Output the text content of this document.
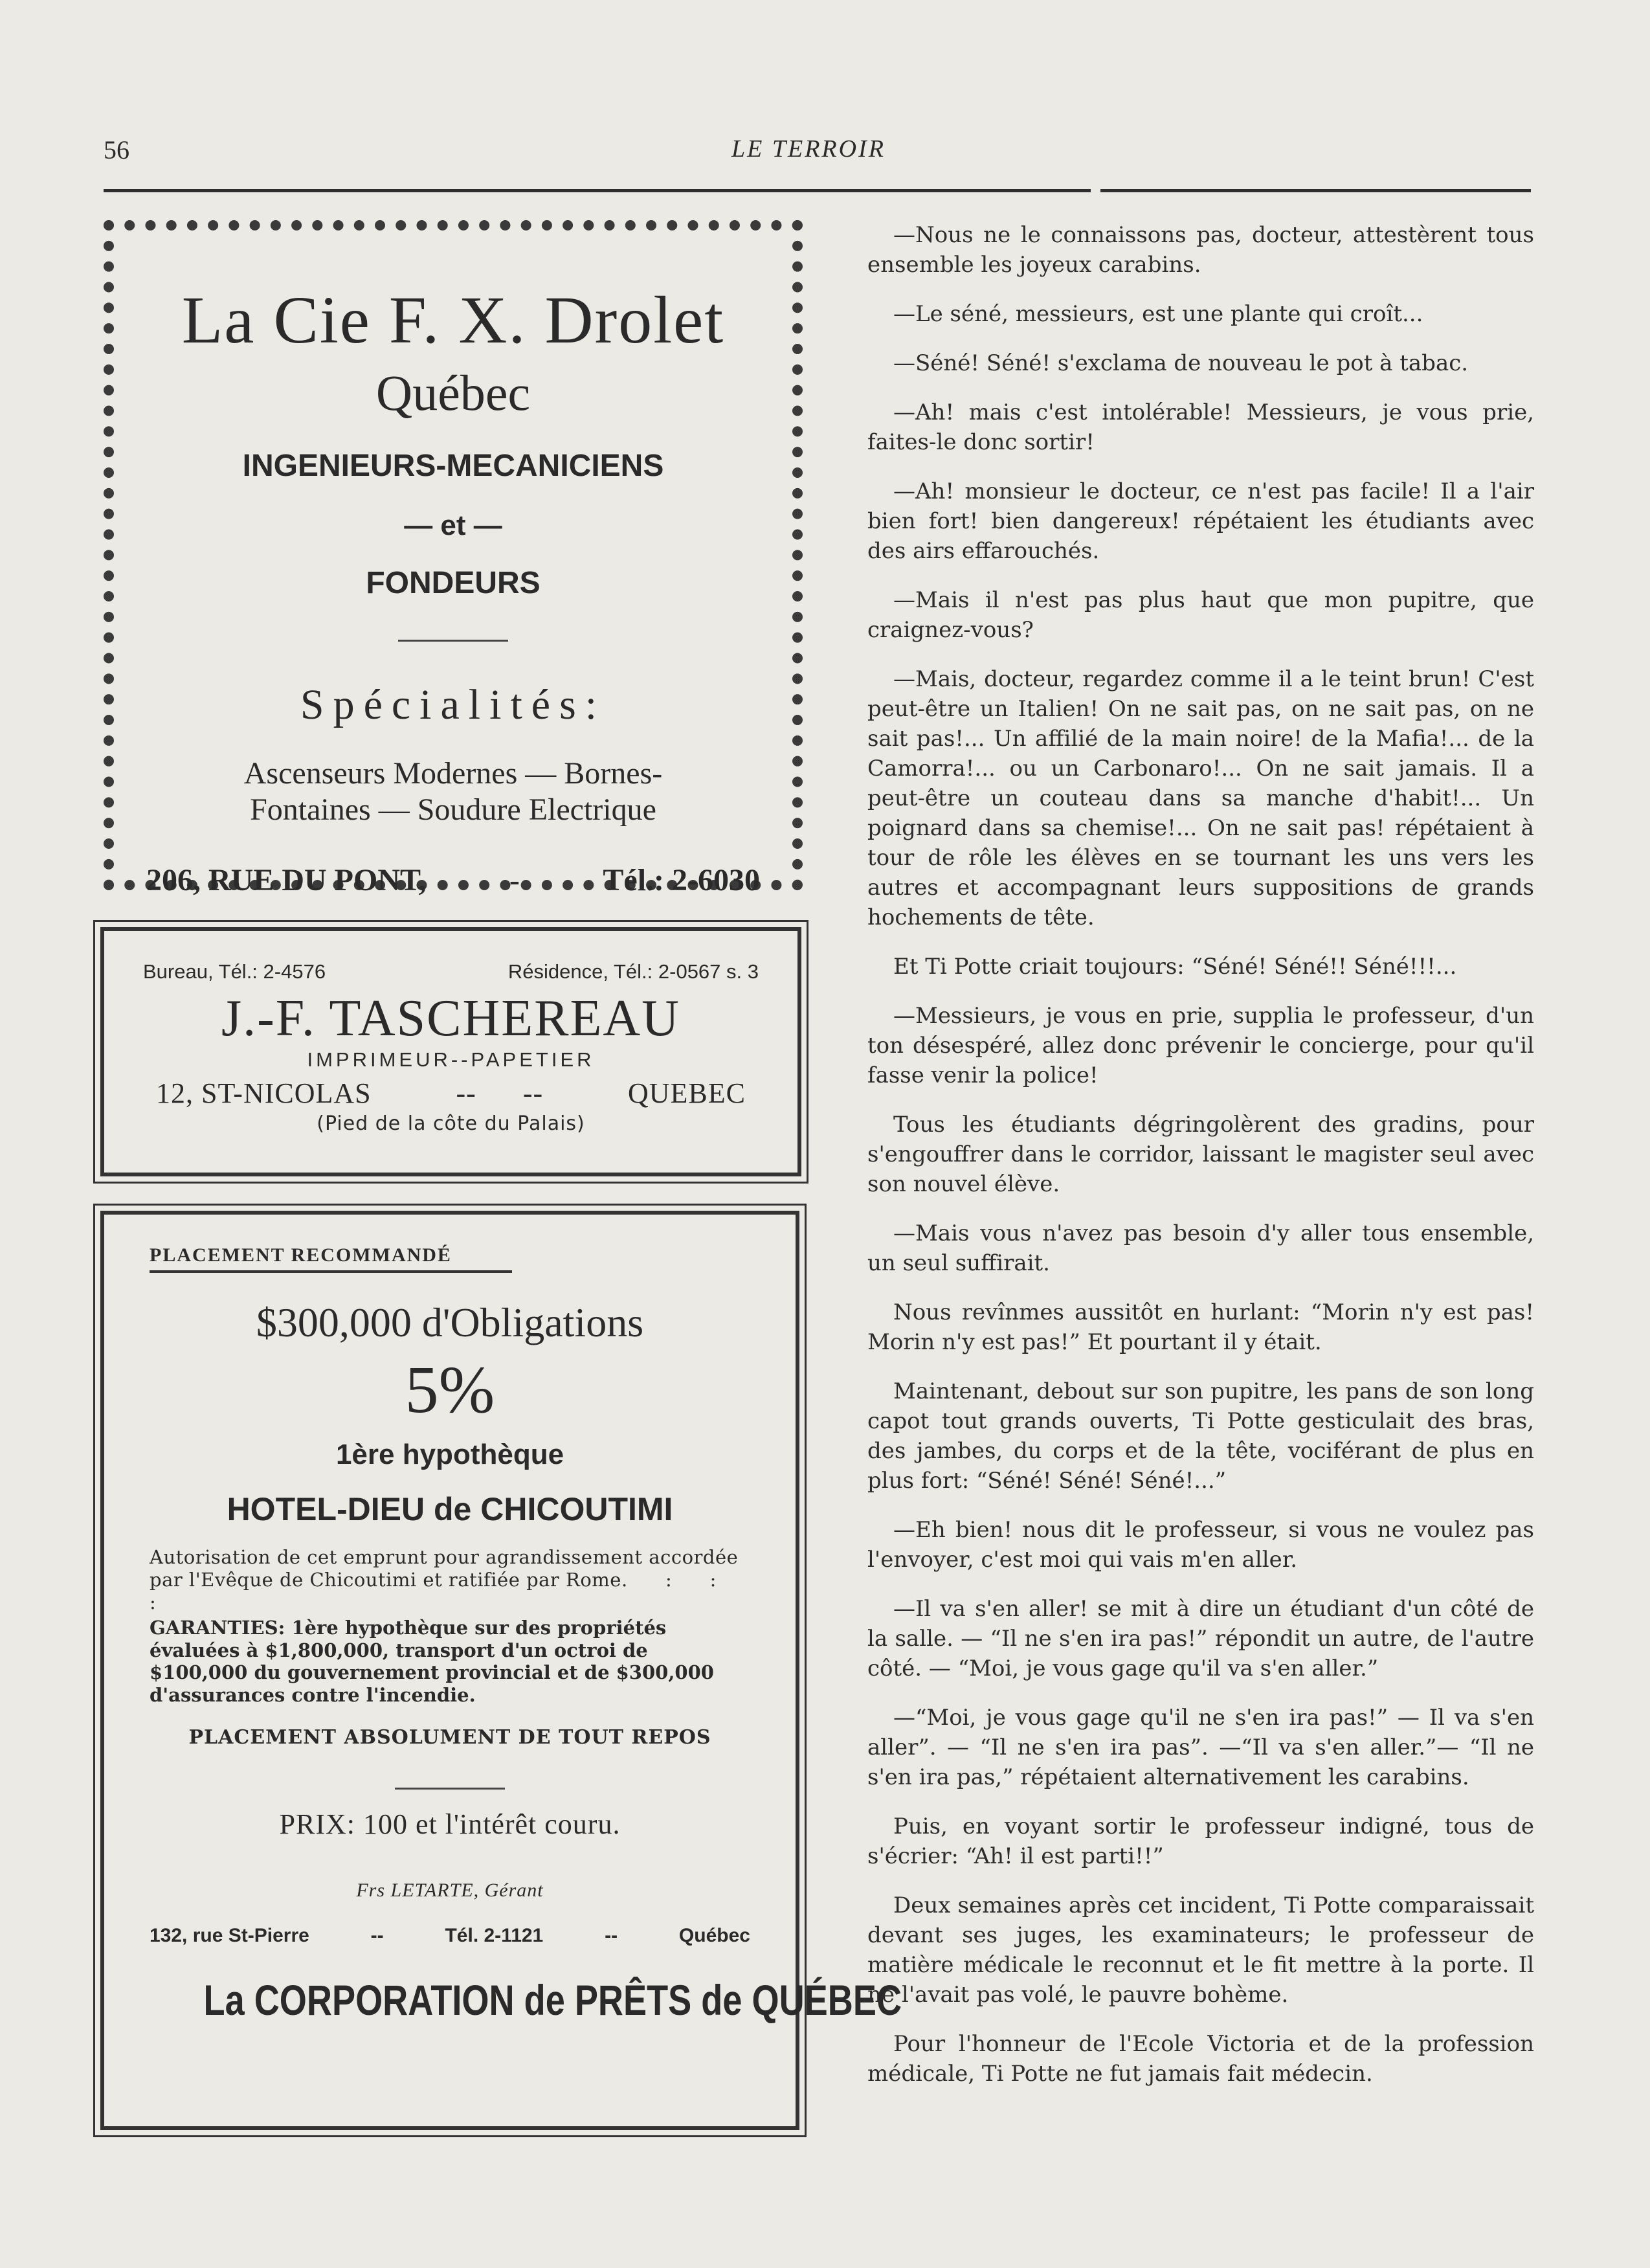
56	LE TERROIR
La Cie F. X. Drolet
Québec
INGENIEURS-MECANICIENS
— et —
FONDEURS
Spécialités:
Ascenseurs Modernes — Bornes-
Fontaines — Soudure Electrique
206, RUE DU PONT,	-	Tél.: 2-6030
Bureau, Tél.: 2-4576	Résidence, Tél.: 2-0567 s. 3
J.-F. TASCHEREAU
IMPRIMEUR--PAPETIER
12, ST-NICOLAS	--      --	QUEBEC
(Pied de la côte du Palais)
PLACEMENT RECOMMANDÉ
$300,000 d'Obligations
5%
1ère hypothèque
HOTEL-DIEU de CHICOUTIMI
Autorisation de cet emprunt pour agrandissement accordée par l'Evêque de Chicoutimi et ratifiée par Rome.      :      :      :
GARANTIES: 1ère hypothèque sur des propriétés évaluées à $1,800,000, transport d'un octroi de $100,000 du gouvernement provincial et de $300,000 d'assurances contre l'incendie.
PLACEMENT ABSOLUMENT DE TOUT REPOS
PRIX: 100 et l'intérêt couru.
Frs LETARTE, Gérant
132, rue St-Pierre	--	Tél. 2-1121	--	Québec
La CORPORATION de PRÊTS de QUÉBEC

—Nous ne le connaissons pas, docteur, attestèrent tous ensemble les joyeux carabins.

—Le séné, messieurs, est une plante qui croît...

—Séné! Séné! s'exclama de nouveau le pot à tabac.

—Ah! mais c'est intolérable! Messieurs, je vous prie, faites-le donc sortir!

—Ah! monsieur le docteur, ce n'est pas facile! Il a l'air bien fort! bien dangereux! répétaient les étudiants avec des airs effarouchés.

—Mais il n'est pas plus haut que mon pupitre, que craignez-vous?

—Mais, docteur, regardez comme il a le teint brun! C'est peut-être un Italien! On ne sait pas, on ne sait pas, on ne sait pas!... Un affilié de la main noire! de la Mafia!... de la Camorra!... ou un Carbonaro!... On ne sait jamais. Il a peut-être un couteau dans sa manche d'habit!... Un poignard dans sa chemise!... On ne sait pas! répétaient à tour de rôle les élèves en se tournant les uns vers les autres et accompagnant leurs suppositions de grands hochements de tête.

Et Ti Potte criait toujours: “Séné! Séné!! Séné!!!...

—Messieurs, je vous en prie, supplia le professeur, d'un ton désespéré, allez donc prévenir le concierge, pour qu'il fasse venir la police!

Tous les étudiants dégringolèrent des gradins, pour s'engouffrer dans le corridor, laissant le magister seul avec son nouvel élève.

—Mais vous n'avez pas besoin d'y aller tous ensemble, un seul suffirait.

Nous revînmes aussitôt en hurlant: “Morin n'y est pas! Morin n'y est pas!” Et pourtant il y était.

Maintenant, debout sur son pupitre, les pans de son long capot tout grands ouverts, Ti Potte gesticulait des bras, des jambes, du corps et de la tête, vociférant de plus en plus fort: “Séné! Séné! Séné!...”

—Eh bien! nous dit le professeur, si vous ne voulez pas l'envoyer, c'est moi qui vais m'en aller.

—Il va s'en aller! se mit à dire un étudiant d'un côté de la salle. — “Il ne s'en ira pas!” répondit un autre, de l'autre côté. — “Moi, je vous gage qu'il va s'en aller.”

—“Moi, je vous gage qu'il ne s'en ira pas!” — Il va s'en aller”. — “Il ne s'en ira pas”. —“Il va s'en aller.”— “Il ne s'en ira pas,” répétaient alternativement les carabins.

Puis, en voyant sortir le professeur indigné, tous de s'écrier: “Ah! il est parti!!”

Deux semaines après cet incident, Ti Potte comparaissait devant ses juges, les examinateurs; le professeur de matière médicale le reconnut et le fit mettre à la porte. Il ne l'avait pas volé, le pauvre bohème.

Pour l'honneur de l'Ecole Victoria et de la profession médicale, Ti Potte ne fut jamais fait médecin.
